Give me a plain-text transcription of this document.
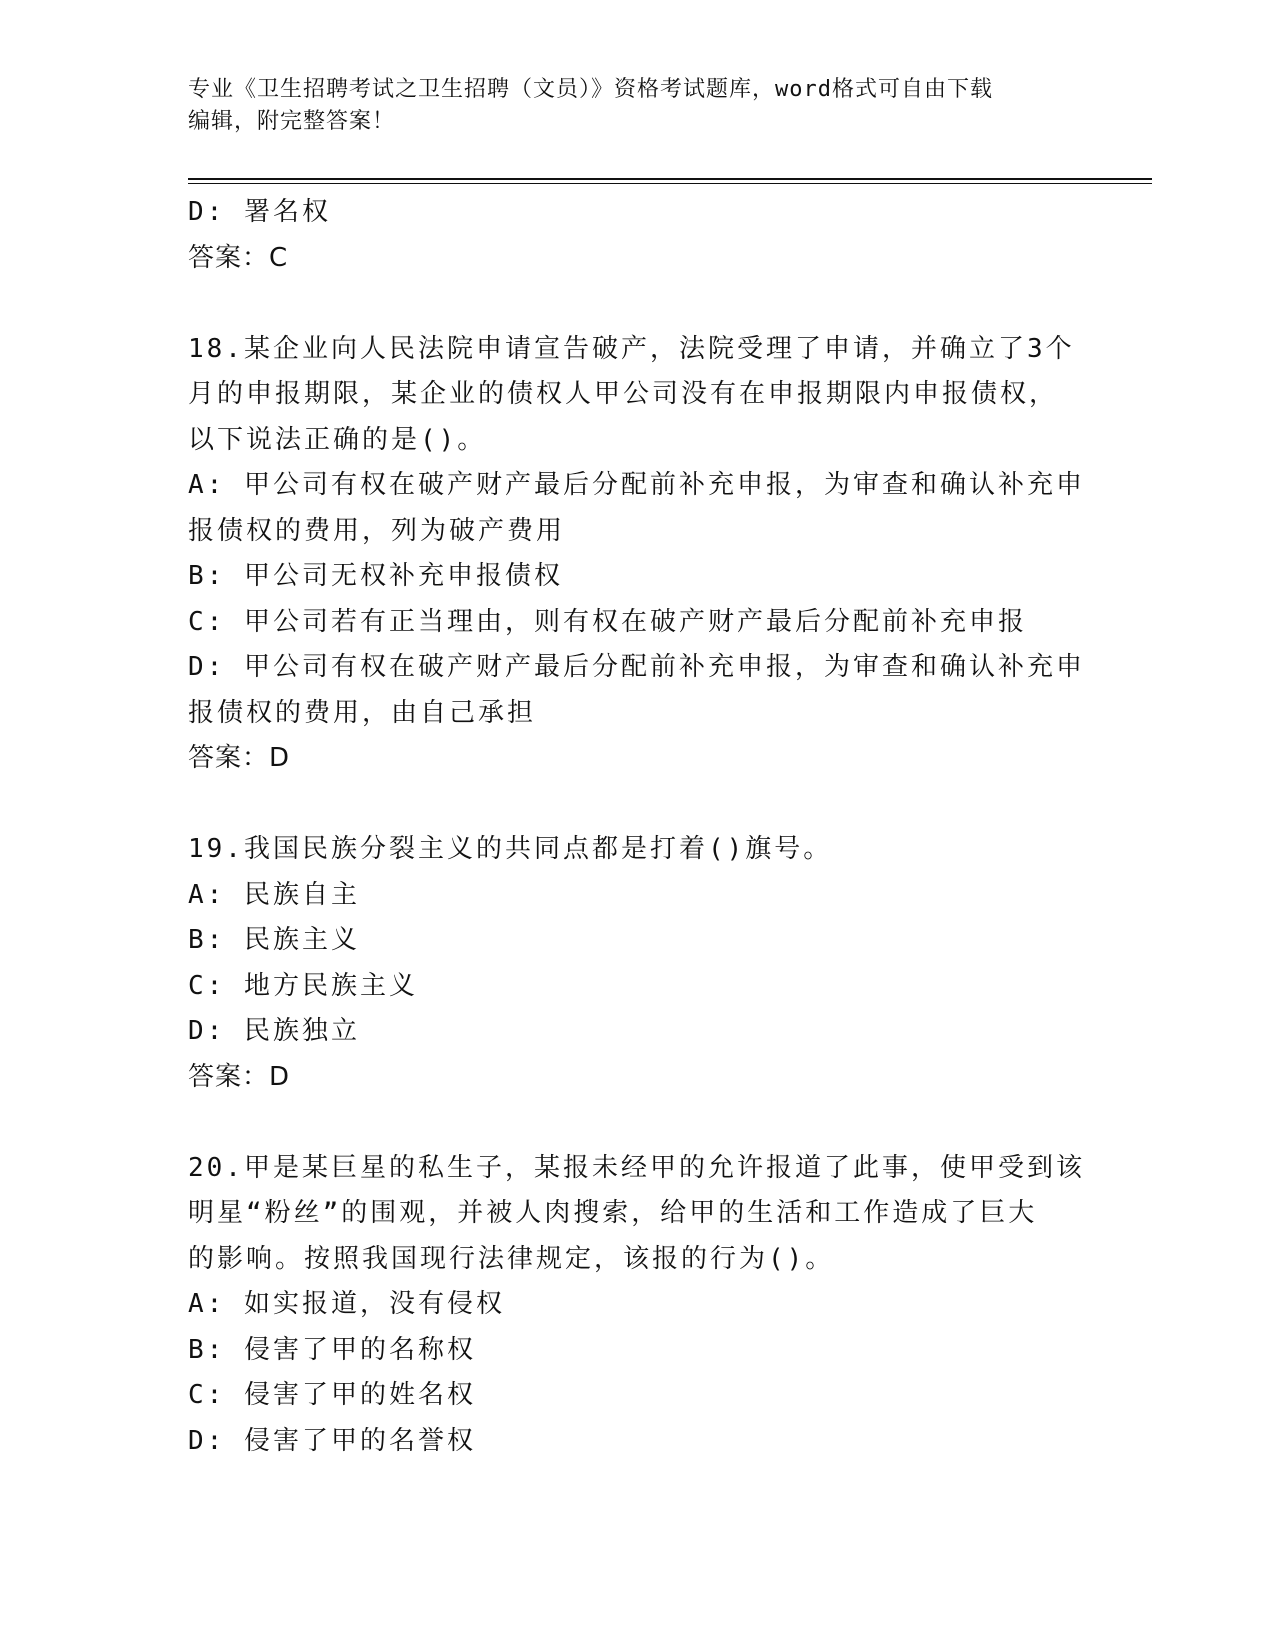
专业《卫生招聘考试之卫生招聘（文员）》资格考试题库，word格式可自由下载
编辑，附完整答案！
D: 署名权
答案：C
18.某企业向人民法院申请宣告破产，法院受理了申请，并确立了3个
月的申报期限，某企业的债权人甲公司没有在申报期限内申报债权，
以下说法正确的是()。
A: 甲公司有权在破产财产最后分配前补充申报，为审查和确认补充申
报债权的费用，列为破产费用
B: 甲公司无权补充申报债权
C: 甲公司若有正当理由，则有权在破产财产最后分配前补充申报
D: 甲公司有权在破产财产最后分配前补充申报，为审查和确认补充申
报债权的费用，由自己承担
答案：D
19.我国民族分裂主义的共同点都是打着()旗号。
A: 民族自主
B: 民族主义
C: 地方民族主义
D: 民族独立
答案：D
20.甲是某巨星的私生子，某报未经甲的允许报道了此事，使甲受到该
明星“粉丝”的围观，并被人肉搜索，给甲的生活和工作造成了巨大
的影响。按照我国现行法律规定，该报的行为()。
A: 如实报道，没有侵权
B: 侵害了甲的名称权
C: 侵害了甲的姓名权
D: 侵害了甲的名誉权
